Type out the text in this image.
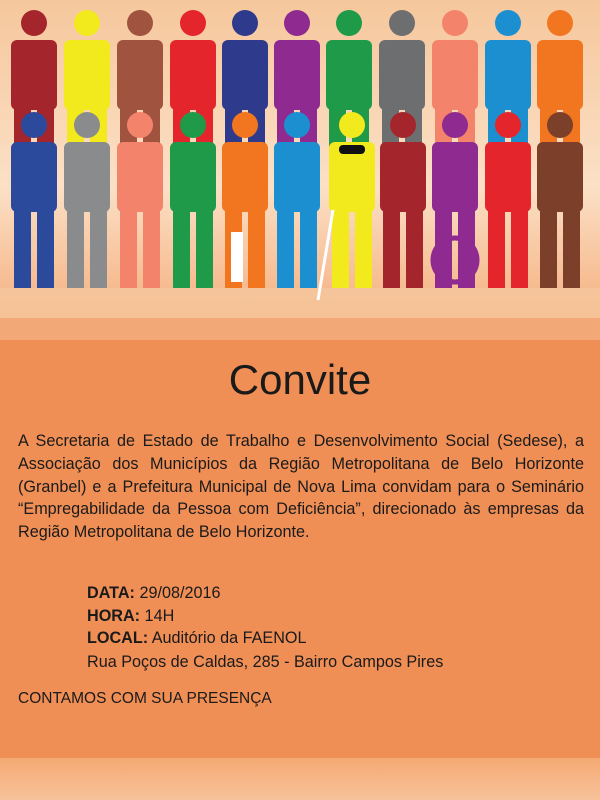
Convite

A Secretaria de Estado de Trabalho e Desenvolvimento Social (Sedese), a Associação dos Municípios da Região Metropolitana de Belo Horizonte (Granbel) e a Prefeitura Municipal de Nova Lima convidam para o Seminário “Empregabilidade da Pessoa com Deficiência”, direcionado às empresas da Região Metropolitana de Belo Horizonte.

DATA: 29/08/2016
HORA: 14H
LOCAL: Auditório da FAENOL
Rua Poços de Caldas, 285 - Bairro Campos Pires

CONTAMOS COM SUA PRESENÇA
